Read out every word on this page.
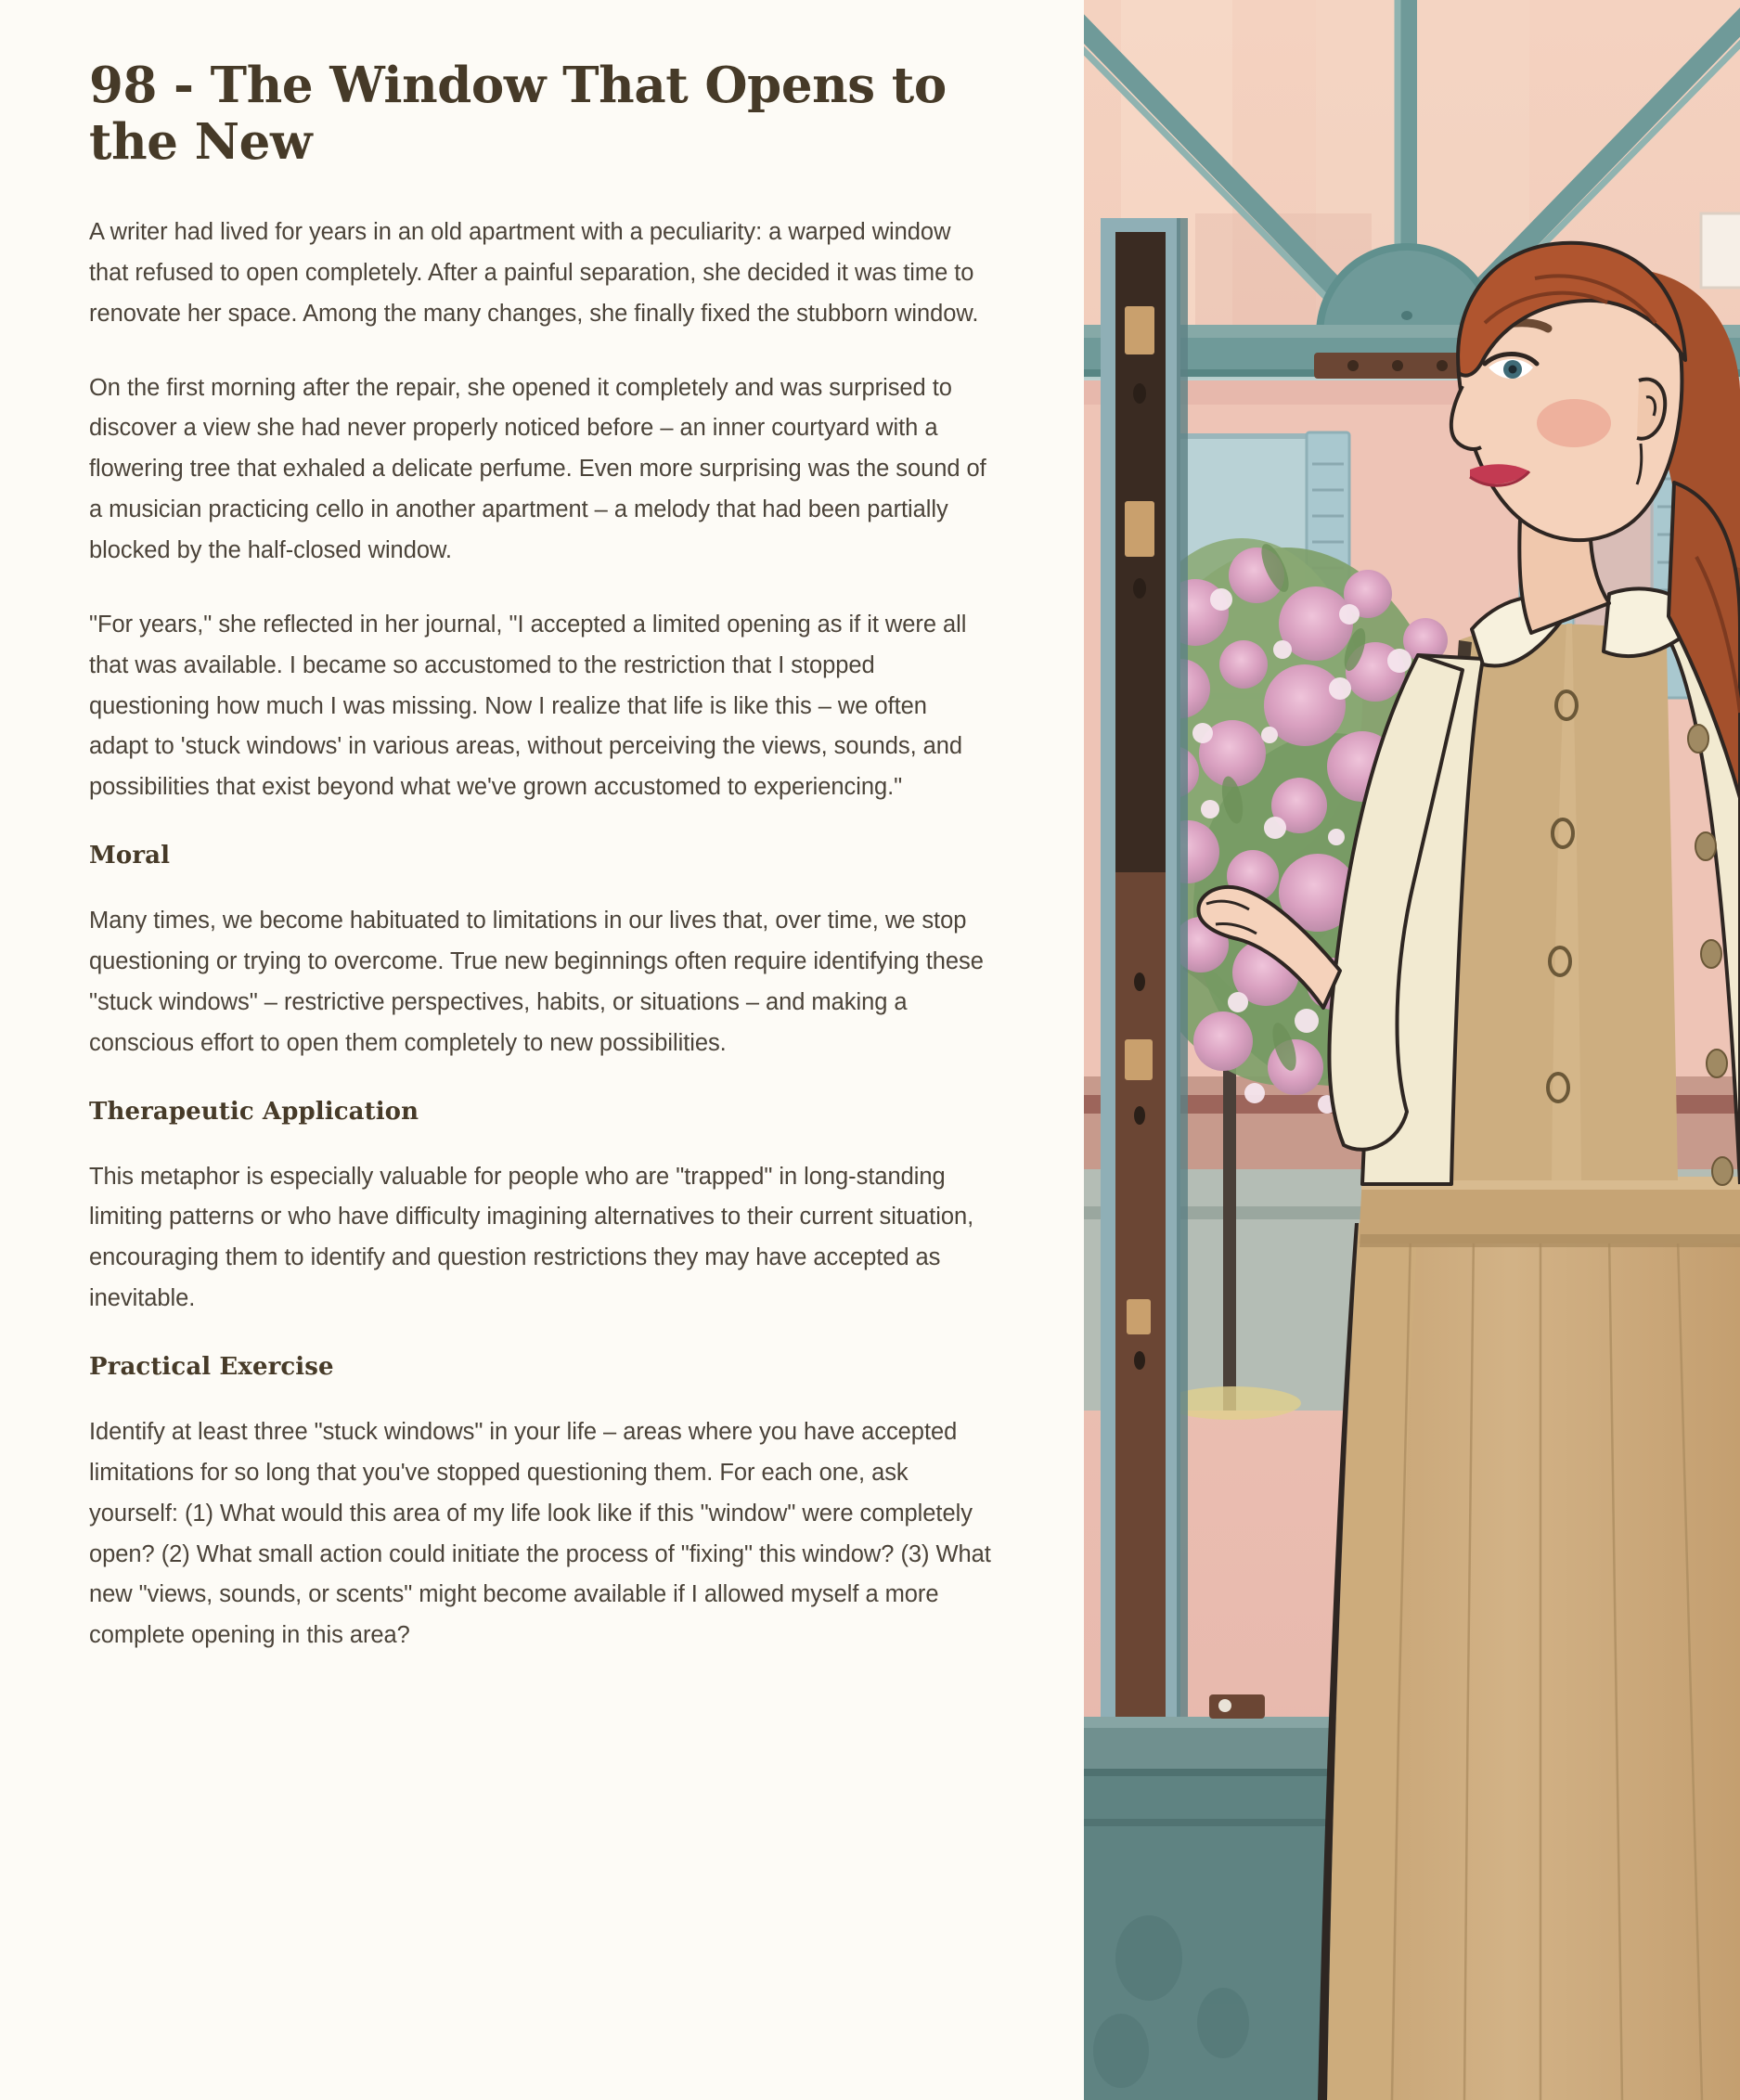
98 - The Window That Opens to the New

A writer had lived for years in an old apartment with a peculiarity: a warped window that refused to open completely. After a painful separation, she decided it was time to renovate her space. Among the many changes, she finally fixed the stubborn window.

On the first morning after the repair, she opened it completely and was surprised to discover a view she had never properly noticed before – an inner courtyard with a flowering tree that exhaled a delicate perfume. Even more surprising was the sound of a musician practicing cello in another apartment – a melody that had been partially blocked by the half-closed window.

"For years," she reflected in her journal, "I accepted a limited opening as if it were all that was available. I became so accustomed to the restriction that I stopped questioning how much I was missing. Now I realize that life is like this – we often adapt to 'stuck windows' in various areas, without perceiving the views, sounds, and possibilities that exist beyond what we've grown accustomed to experiencing."

Moral

Many times, we become habituated to limitations in our lives that, over time, we stop questioning or trying to overcome. True new beginnings often require identifying these "stuck windows" – restrictive perspectives, habits, or situations – and making a conscious effort to open them completely to new possibilities.

Therapeutic Application

This metaphor is especially valuable for people who are "trapped" in long-standing limiting patterns or who have difficulty imagining alternatives to their current situation, encouraging them to identify and question restrictions they may have accepted as inevitable.

Practical Exercise

Identify at least three "stuck windows" in your life – areas where you have accepted limitations for so long that you've stopped questioning them. For each one, ask yourself: (1) What would this area of my life look like if this "window" were completely open? (2) What small action could initiate the process of "fixing" this window? (3) What new "views, sounds, or scents" might become available if I allowed myself a more complete opening in this area?
